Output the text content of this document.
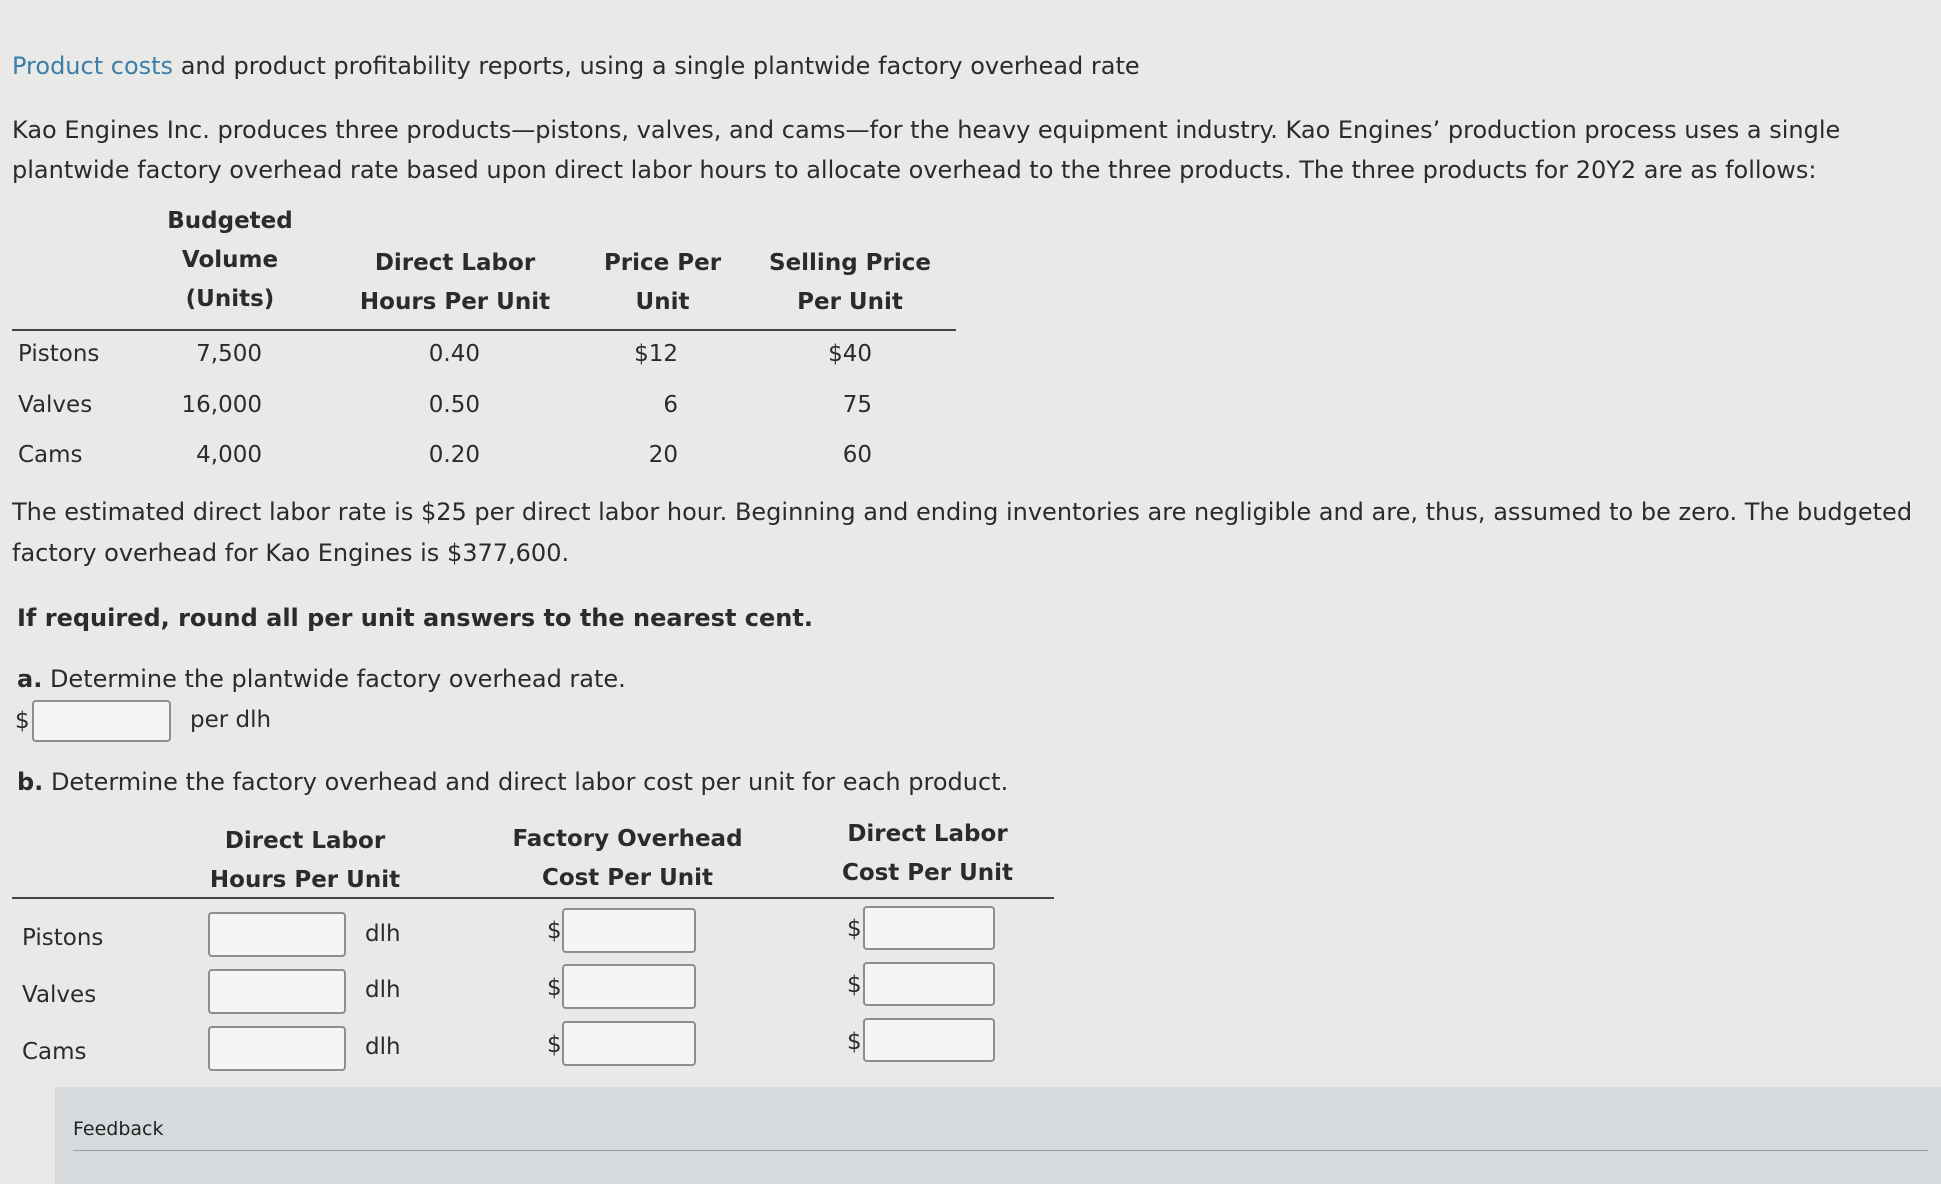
Product costs and product profitability reports, using a single plantwide factory overhead rate
Kao Engines Inc. produces three products—pistons, valves, and cams—for the heavy equipment industry. Kao Engines’ production process uses a single plantwide factory overhead rate based upon direct labor hours to allocate overhead to the three products. The three products for 20Y2 are as follows:
Budgeted
Volume
(Units)
Direct Labor
Hours Per Unit
Price Per
Unit
Selling Price
Per Unit
Pistons	7,500	0.40	$12	$40
Valves	16,000	0.50	6	75
Cams	4,000	0.20	20	60
The estimated direct labor rate is $25 per direct labor hour. Beginning and ending inventories are negligible and are, thus, assumed to be zero. The budgeted factory overhead for Kao Engines is $377,600.
If required, round all per unit answers to the nearest cent.
a. Determine the plantwide factory overhead rate.
$	per dlh
b. Determine the factory overhead and direct labor cost per unit for each product.
Direct Labor
Hours Per Unit
Factory Overhead
Cost Per Unit
Direct Labor
Cost Per Unit
Pistons	dlh	$	$
Valves	dlh	$	$
Cams	dlh	$	$
Feedback
